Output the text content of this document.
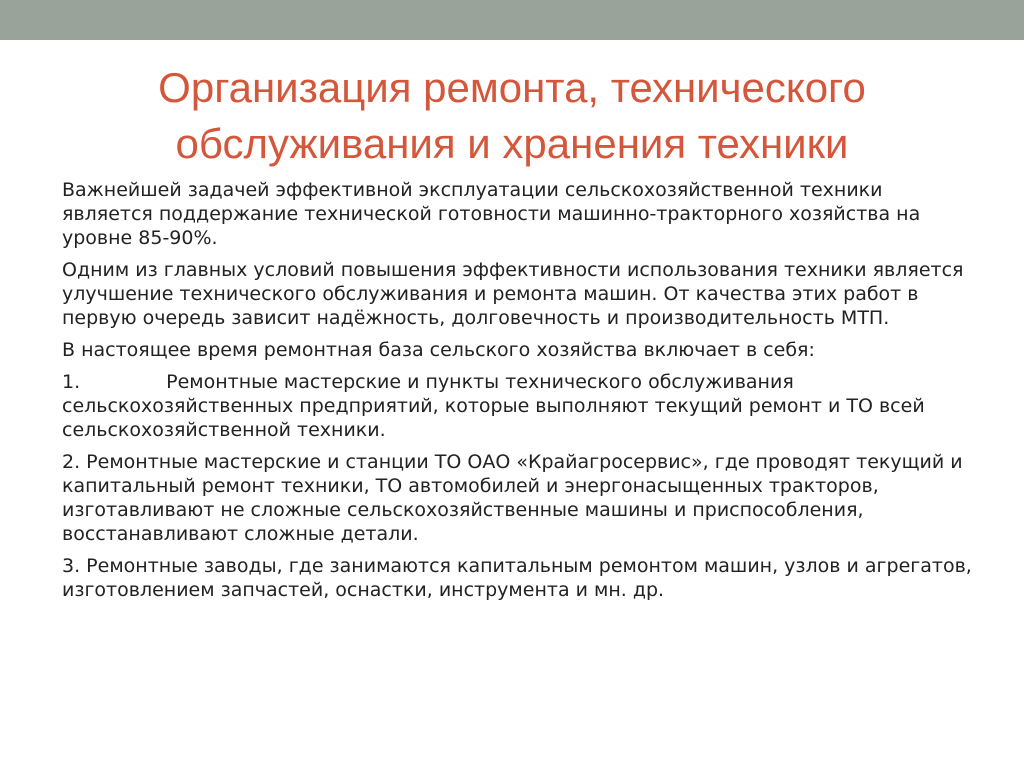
Организация ремонта, технического обслуживания и хранения техники

Важнейшей задачей эффективной эксплуатации сельскохозяйственной техники является поддержание технической готовности машинно-тракторного хозяйства на уровне 85-90%.

Одним из главных условий повышения эффективности использования техники является улучшение технического обслуживания и ремонта машин. От качества этих работ в первую очередь зависит надёжность, долговечность и производительность МТП.

В настоящее время ремонтная база сельского хозяйства включает в себя:

1.	Ремонтные мастерские и пункты технического обслуживания сельскохозяйственных предприятий, которые выполняют текущий ремонт и ТО всей сельскохозяйственной техники.

2. Ремонтные мастерские и станции ТО ОАО «Крайагросервис», где проводят текущий и капитальный ремонт техники, ТО автомобилей и энергонасыщенных тракторов, изготавливают не сложные сельскохозяйственные машины и приспособления, восстанавливают сложные детали.

3. Ремонтные заводы, где занимаются капитальным ремонтом машин, узлов и агрегатов, изготовлением запчастей, оснастки, инструмента и мн. др.
